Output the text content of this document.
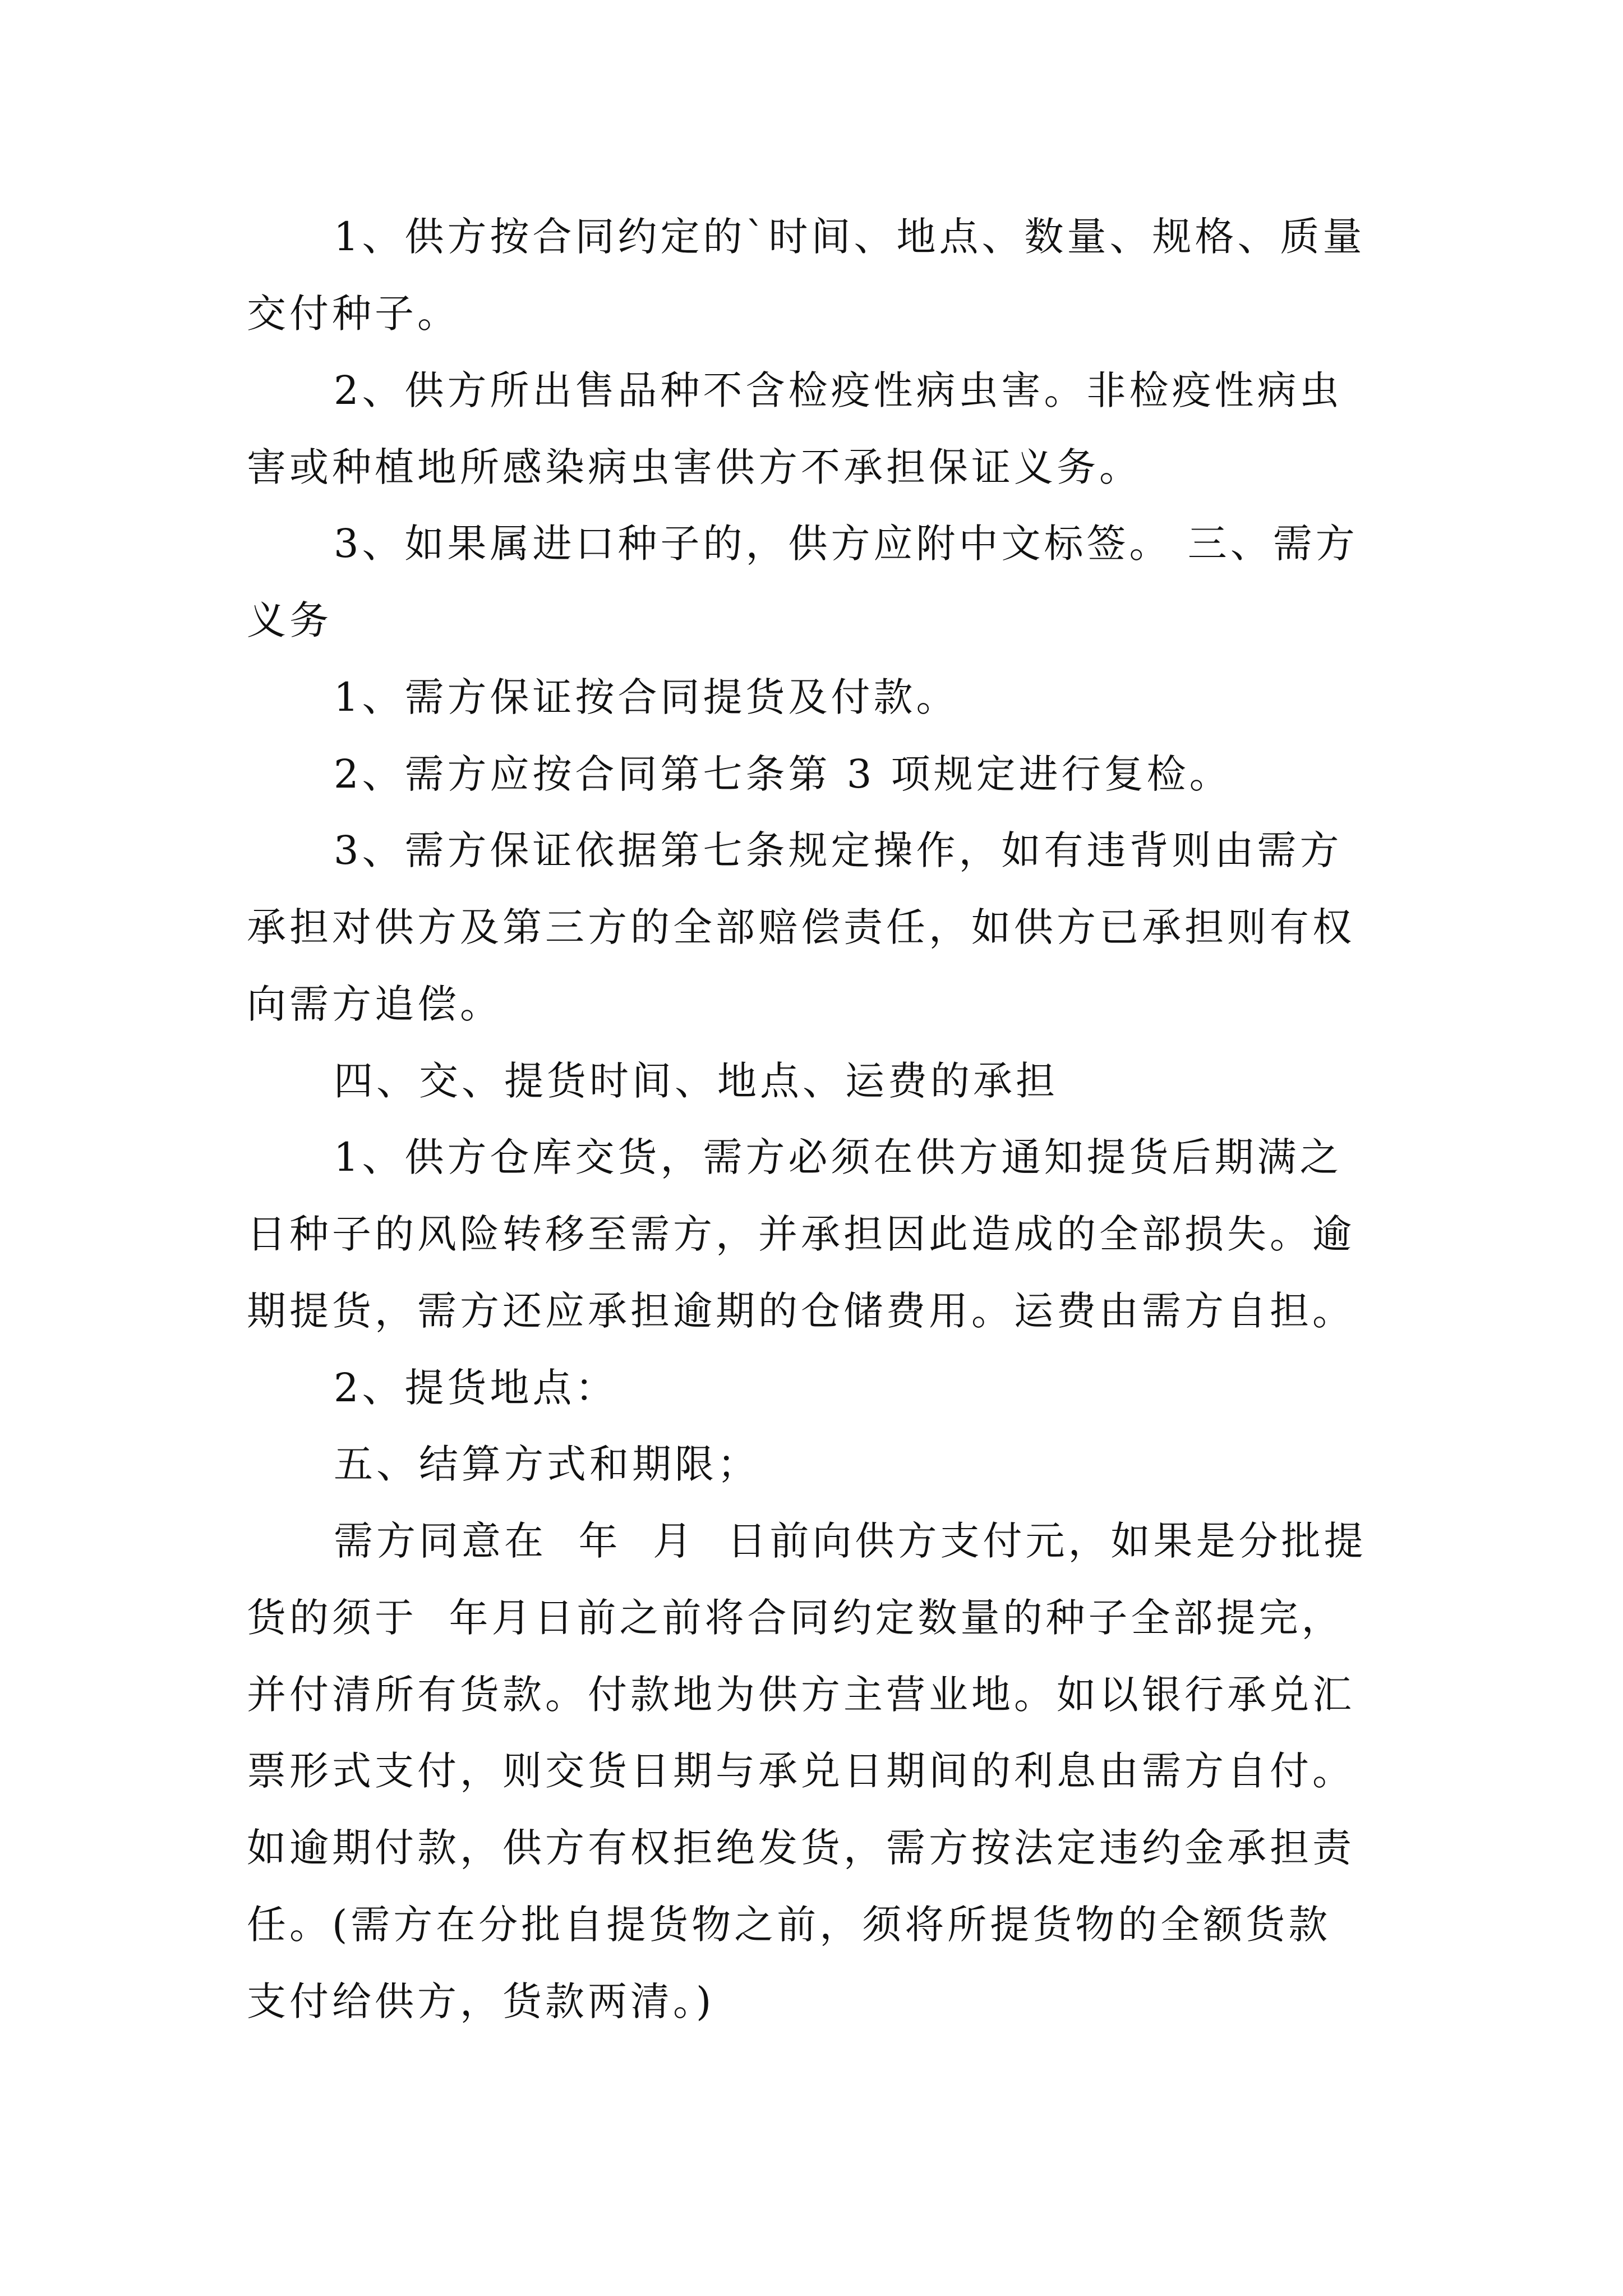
1、供方按合同约定的`时间、地点、数量、规格、质量

交付种子。

2、供方所出售品种不含检疫性病虫害。非检疫性病虫

害或种植地所感染病虫害供方不承担保证义务。

3、如果属进口种子的，供方应附中文标签。 三、需方

义务

1、需方保证按合同提货及付款。

2、需方应按合同第七条第 3 项规定进行复检。

3、需方保证依据第七条规定操作，如有违背则由需方

承担对供方及第三方的全部赔偿责任，如供方已承担则有权

向需方追偿。

四、交、提货时间、地点、运费的承担

1、供方仓库交货，需方必须在供方通知提货后期满之

日种子的风险转移至需方，并承担因此造成的全部损失。逾

期提货，需方还应承担逾期的仓储费用。运费由需方自担。

2、提货地点：

五、结算方式和期限；

需方同意在  年  月  日前向供方支付元，如果是分批提

货的须于  年月日前之前将合同约定数量的种子全部提完，

并付清所有货款。付款地为供方主营业地。如以银行承兑汇

票形式支付，则交货日期与承兑日期间的利息由需方自付。

如逾期付款，供方有权拒绝发货，需方按法定违约金承担责

任。(需方在分批自提货物之前，须将所提货物的全额货款

支付给供方，货款两清。)
